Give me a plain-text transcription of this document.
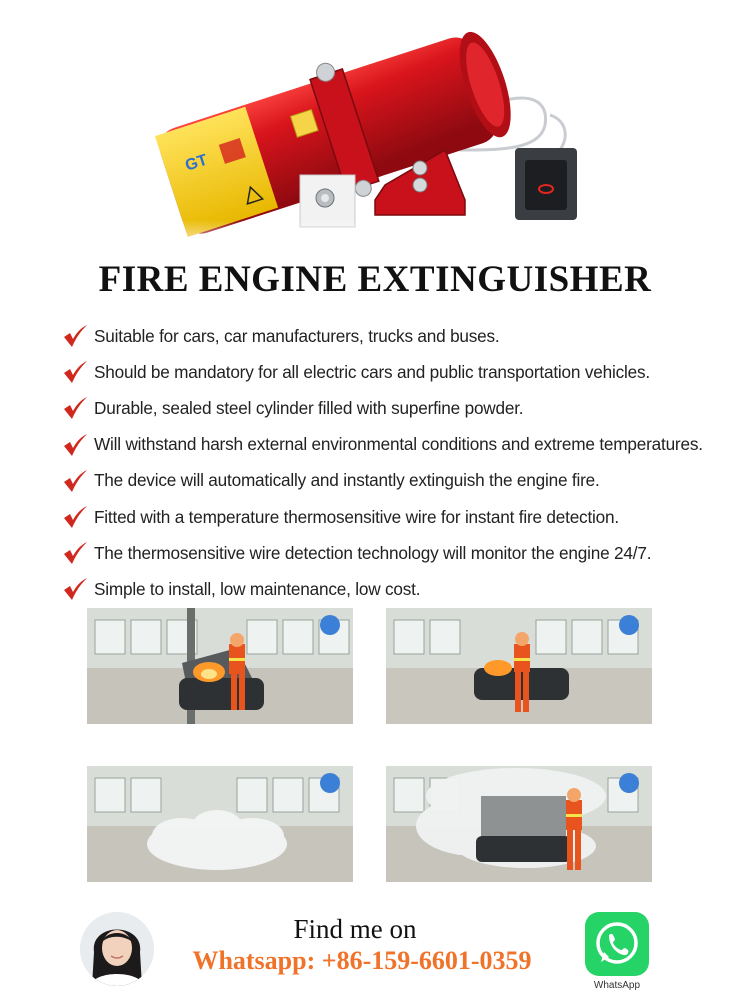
GT
FIRE ENGINE EXTINGUISHER
Suitable for cars, car manufacturers, trucks and buses.
Should be mandatory for all electric cars and public transportation vehicles.
Durable, sealed steel cylinder filled with superfine powder.
Will withstand harsh external environmental conditions and extreme temperatures.
The device will automatically and instantly extinguish the engine fire.
Fitted with a temperature thermosensitive wire for instant fire detection.
The thermosensitive wire detection technology will monitor the engine 24/7.
Simple to install, low maintenance, low cost.
Find me on
Whatsapp: +86-159-6601-0359
WhatsApp
